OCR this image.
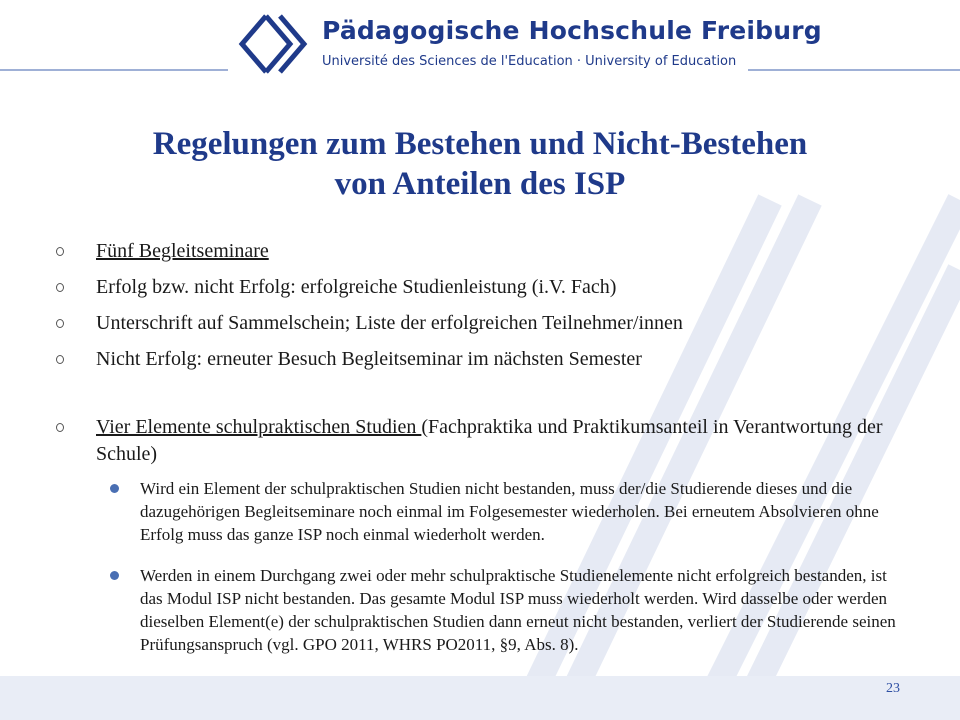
Pädagogische Hochschule Freiburg
Université des Sciences de l'Education · University of Education
Regelungen zum Bestehen und Nicht-Bestehen
von Anteilen des ISP
Fünf Begleitseminare
Erfolg bzw. nicht Erfolg: erfolgreiche Studienleistung (i.V. Fach)
Unterschrift auf Sammelschein; Liste der erfolgreichen Teilnehmer/innen
Nicht Erfolg: erneuter Besuch Begleitseminar im nächsten Semester
Vier Elemente schulpraktischen Studien (Fachpraktika und Praktikumsanteil in Verantwortung der Schule)
Wird ein Element der schulpraktischen Studien nicht bestanden, muss der/die Studierende dieses und die dazugehörigen Begleitseminare noch einmal im Folgesemester wiederholen. Bei erneutem Absolvieren ohne Erfolg muss das ganze ISP noch einmal wiederholt werden.
Werden in einem Durchgang zwei oder mehr schulpraktische Studienelemente nicht erfolgreich bestanden, ist das Modul ISP nicht bestanden. Das gesamte Modul ISP muss wiederholt werden. Wird dasselbe oder werden dieselben Element(e) der schulpraktischen Studien dann erneut nicht bestanden, verliert der Studierende seinen Prüfungsanspruch (vgl. GPO 2011, WHRS PO2011, §9, Abs. 8).
23
